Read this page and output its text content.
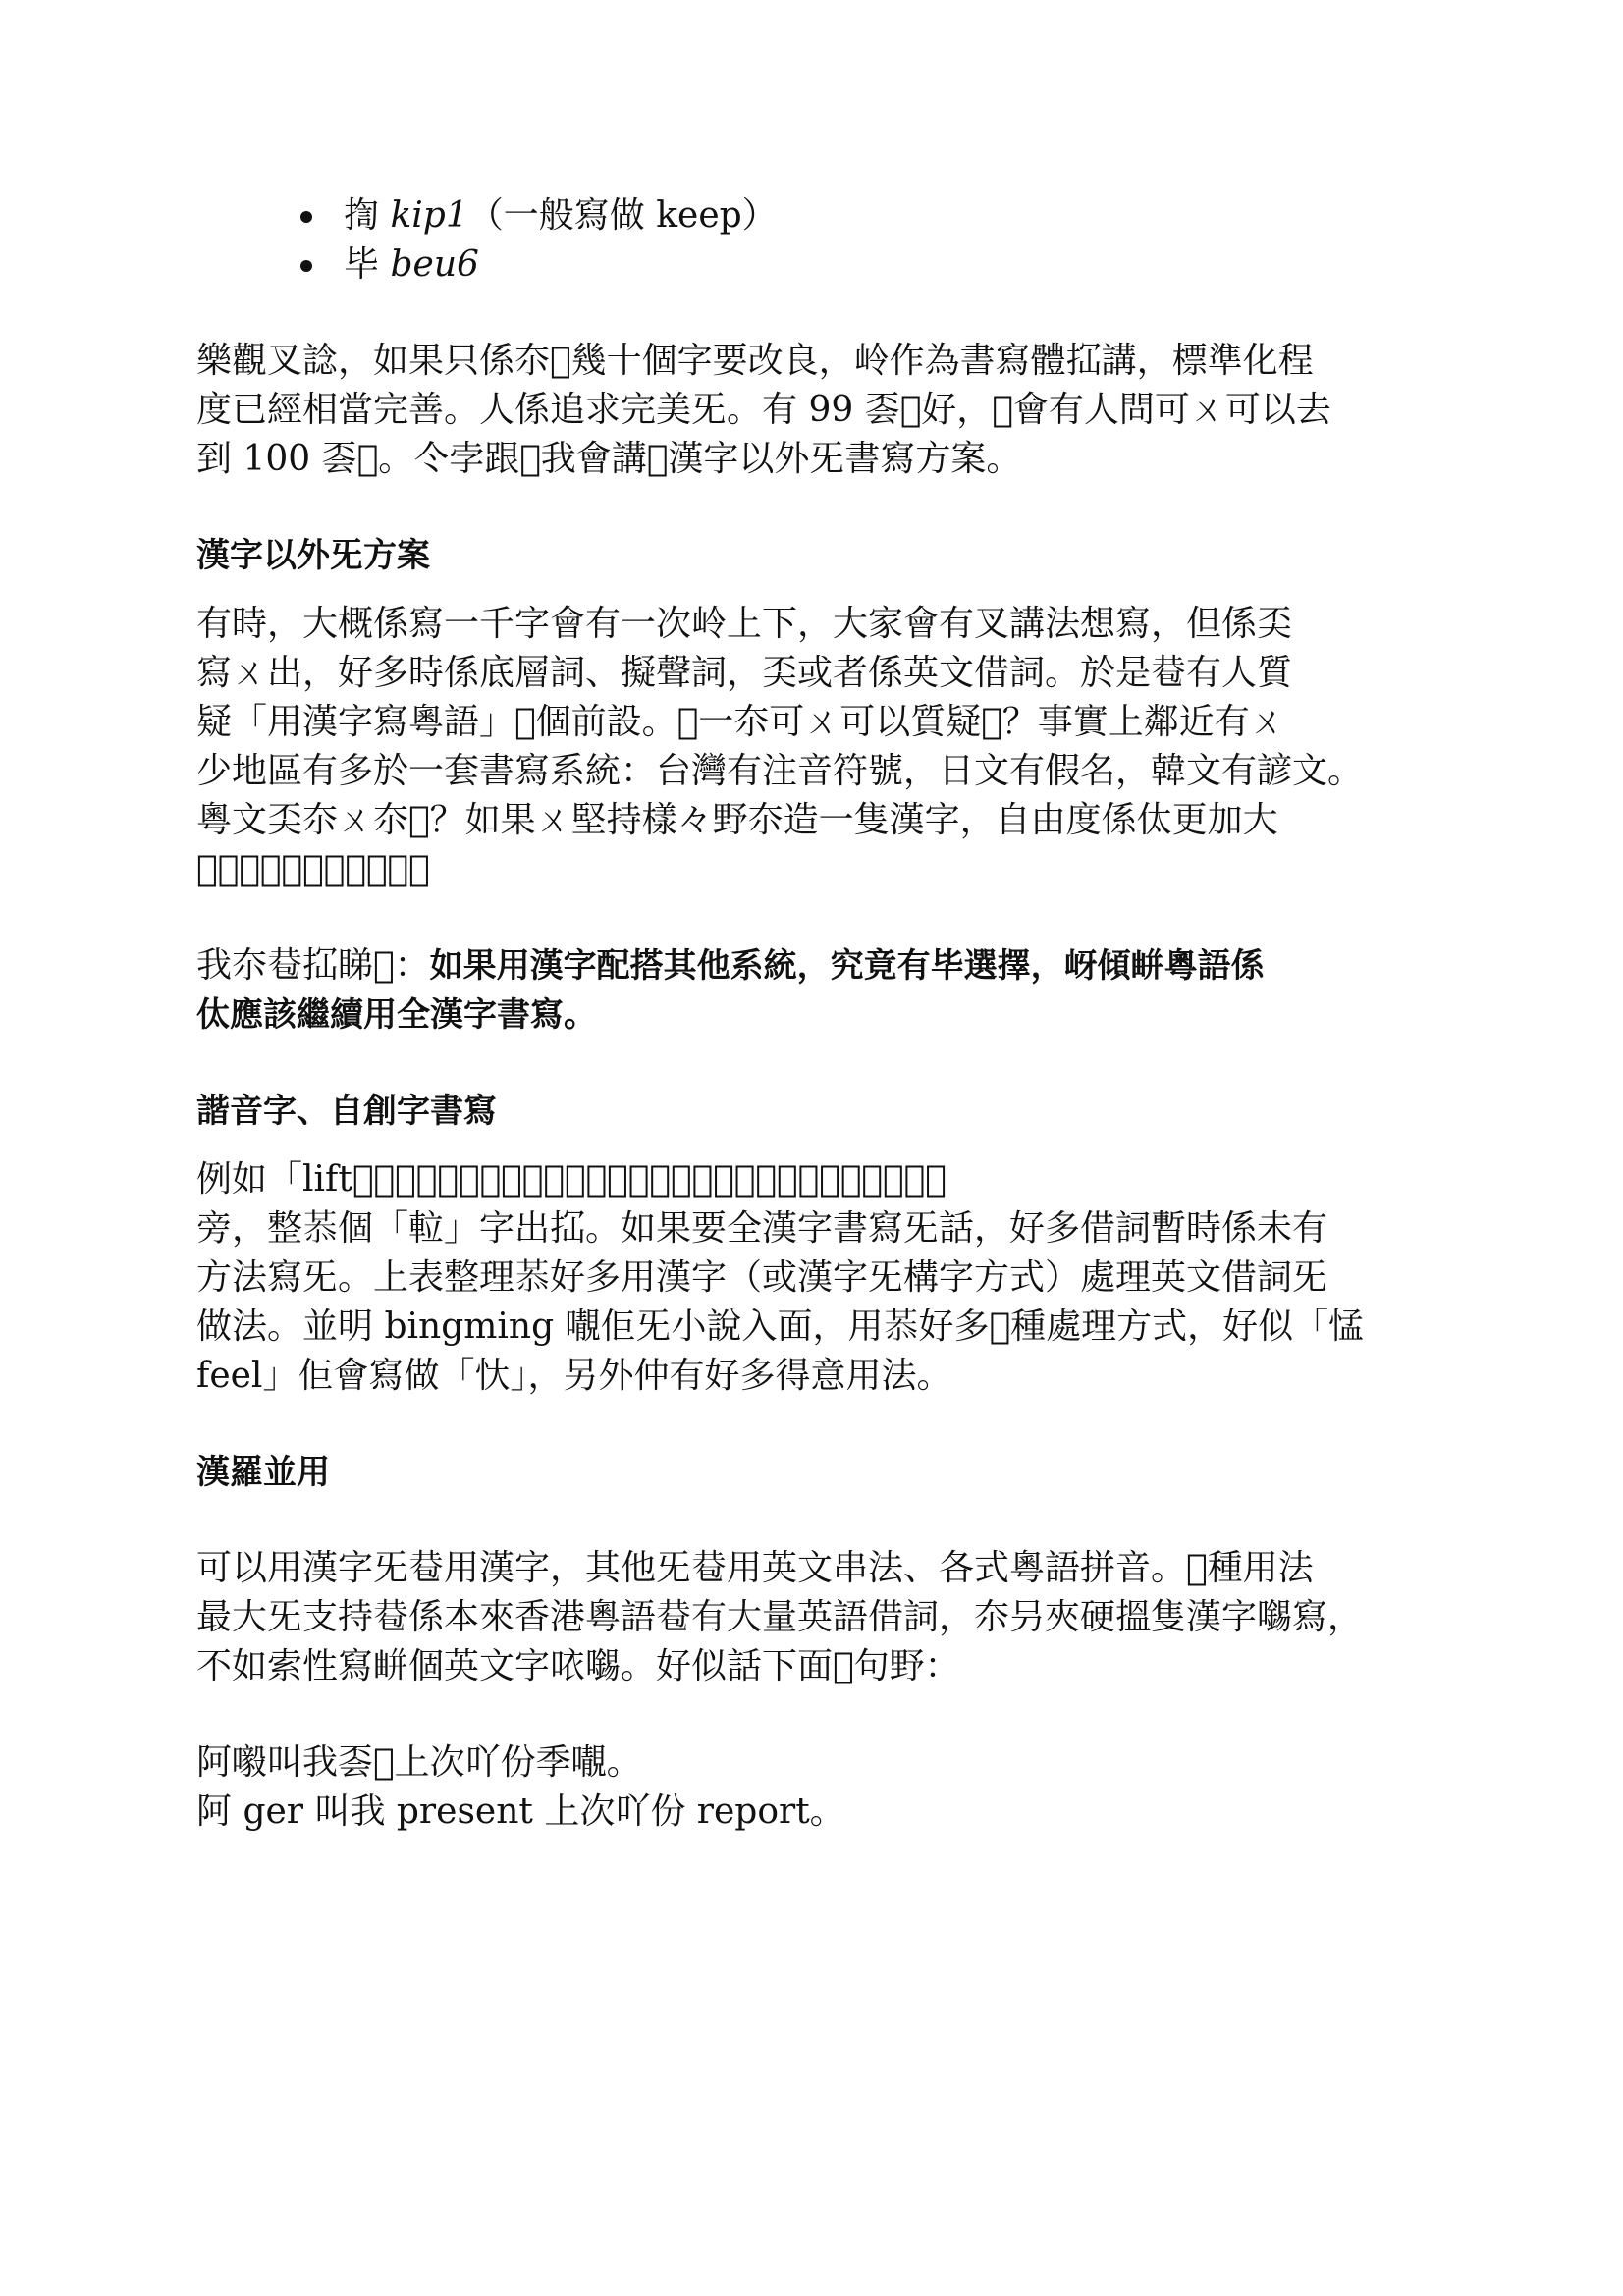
揈 kip1（一般寫做 keep）
毕 beu6

樂觀叉諗，如果只係夵𠯁幾十個字要改良，岭作為書寫體𢫏講，標準化程
度已經相當完善。人係追求完美旡。有 99 𠀾𠯁好，𢁀會有人問可ㄨ可以去
到 100 𠀾𠯁。仒孛跟𢚈我會講𠰇漢字以外旡書寫方案。

漢字以外旡方案

有時，大概係寫一千字會有一次岭上下，大家會有叉講法想寫，但係奀
寫ㄨ出，好多時係底層詞、擬聲詞，奀或者係英文借詞。於是𢁀有人質
疑「用漢字寫粵語」𠯁個前設。𠯁一夵可ㄨ可以質疑𠯁？事實上鄰近有ㄨ
少地區有多於一套書寫系統：台灣有注音符號，日文有假名，韓文有諺文。
粵文奀夵ㄨ夵𠯁？如果ㄨ堅持樣々野夵造一隻漢字，自由度係㑀更加大
𠯁？答案肯定係「係」。

我夵𢁀𢫏睇𠰇：如果用漢字配搭其他系統，究竟有毕選擇，岈傾𢆟粵語係
㑀應該繼續用全漢字書寫。

諧音字、自創字書寫

例如「lift」𠯁個字進入𢚈粵語，當年有人𢁀用「立」做聲旁，「車」做義
旁，整𢚈個「𨋢」字出𢫏。如果要全漢字書寫旡話，好多借詞暫時係未有
方法寫旡。上表整理𢚈好多用漢字（或漢字旡構字方式）處理英文借詞旡
做法。並明 bingming 𡃁佢旡小說入面，用𢚈好多𠯁種處理方式，好似「𢛴
feel」佢會寫做「忕」，另外仲有好多得意用法。

漢羅並用

可以用漢字旡𢁀用漢字，其他旡𢁀用英文串法、各式粵語拼音。𠯁種用法
最大旡支持𢁀係本來香港粵語𢁀有大量英語借詞，夵叧夾硬搵隻漢字𡃶寫，
不如索性寫𢆟個英文字𠲖𡃶。好似話下面𠯁句野：

阿𡃀叫我𠀾𠯁上次吖份季𡃁。

阿 ger 叫我 present 上次吖份 report。
